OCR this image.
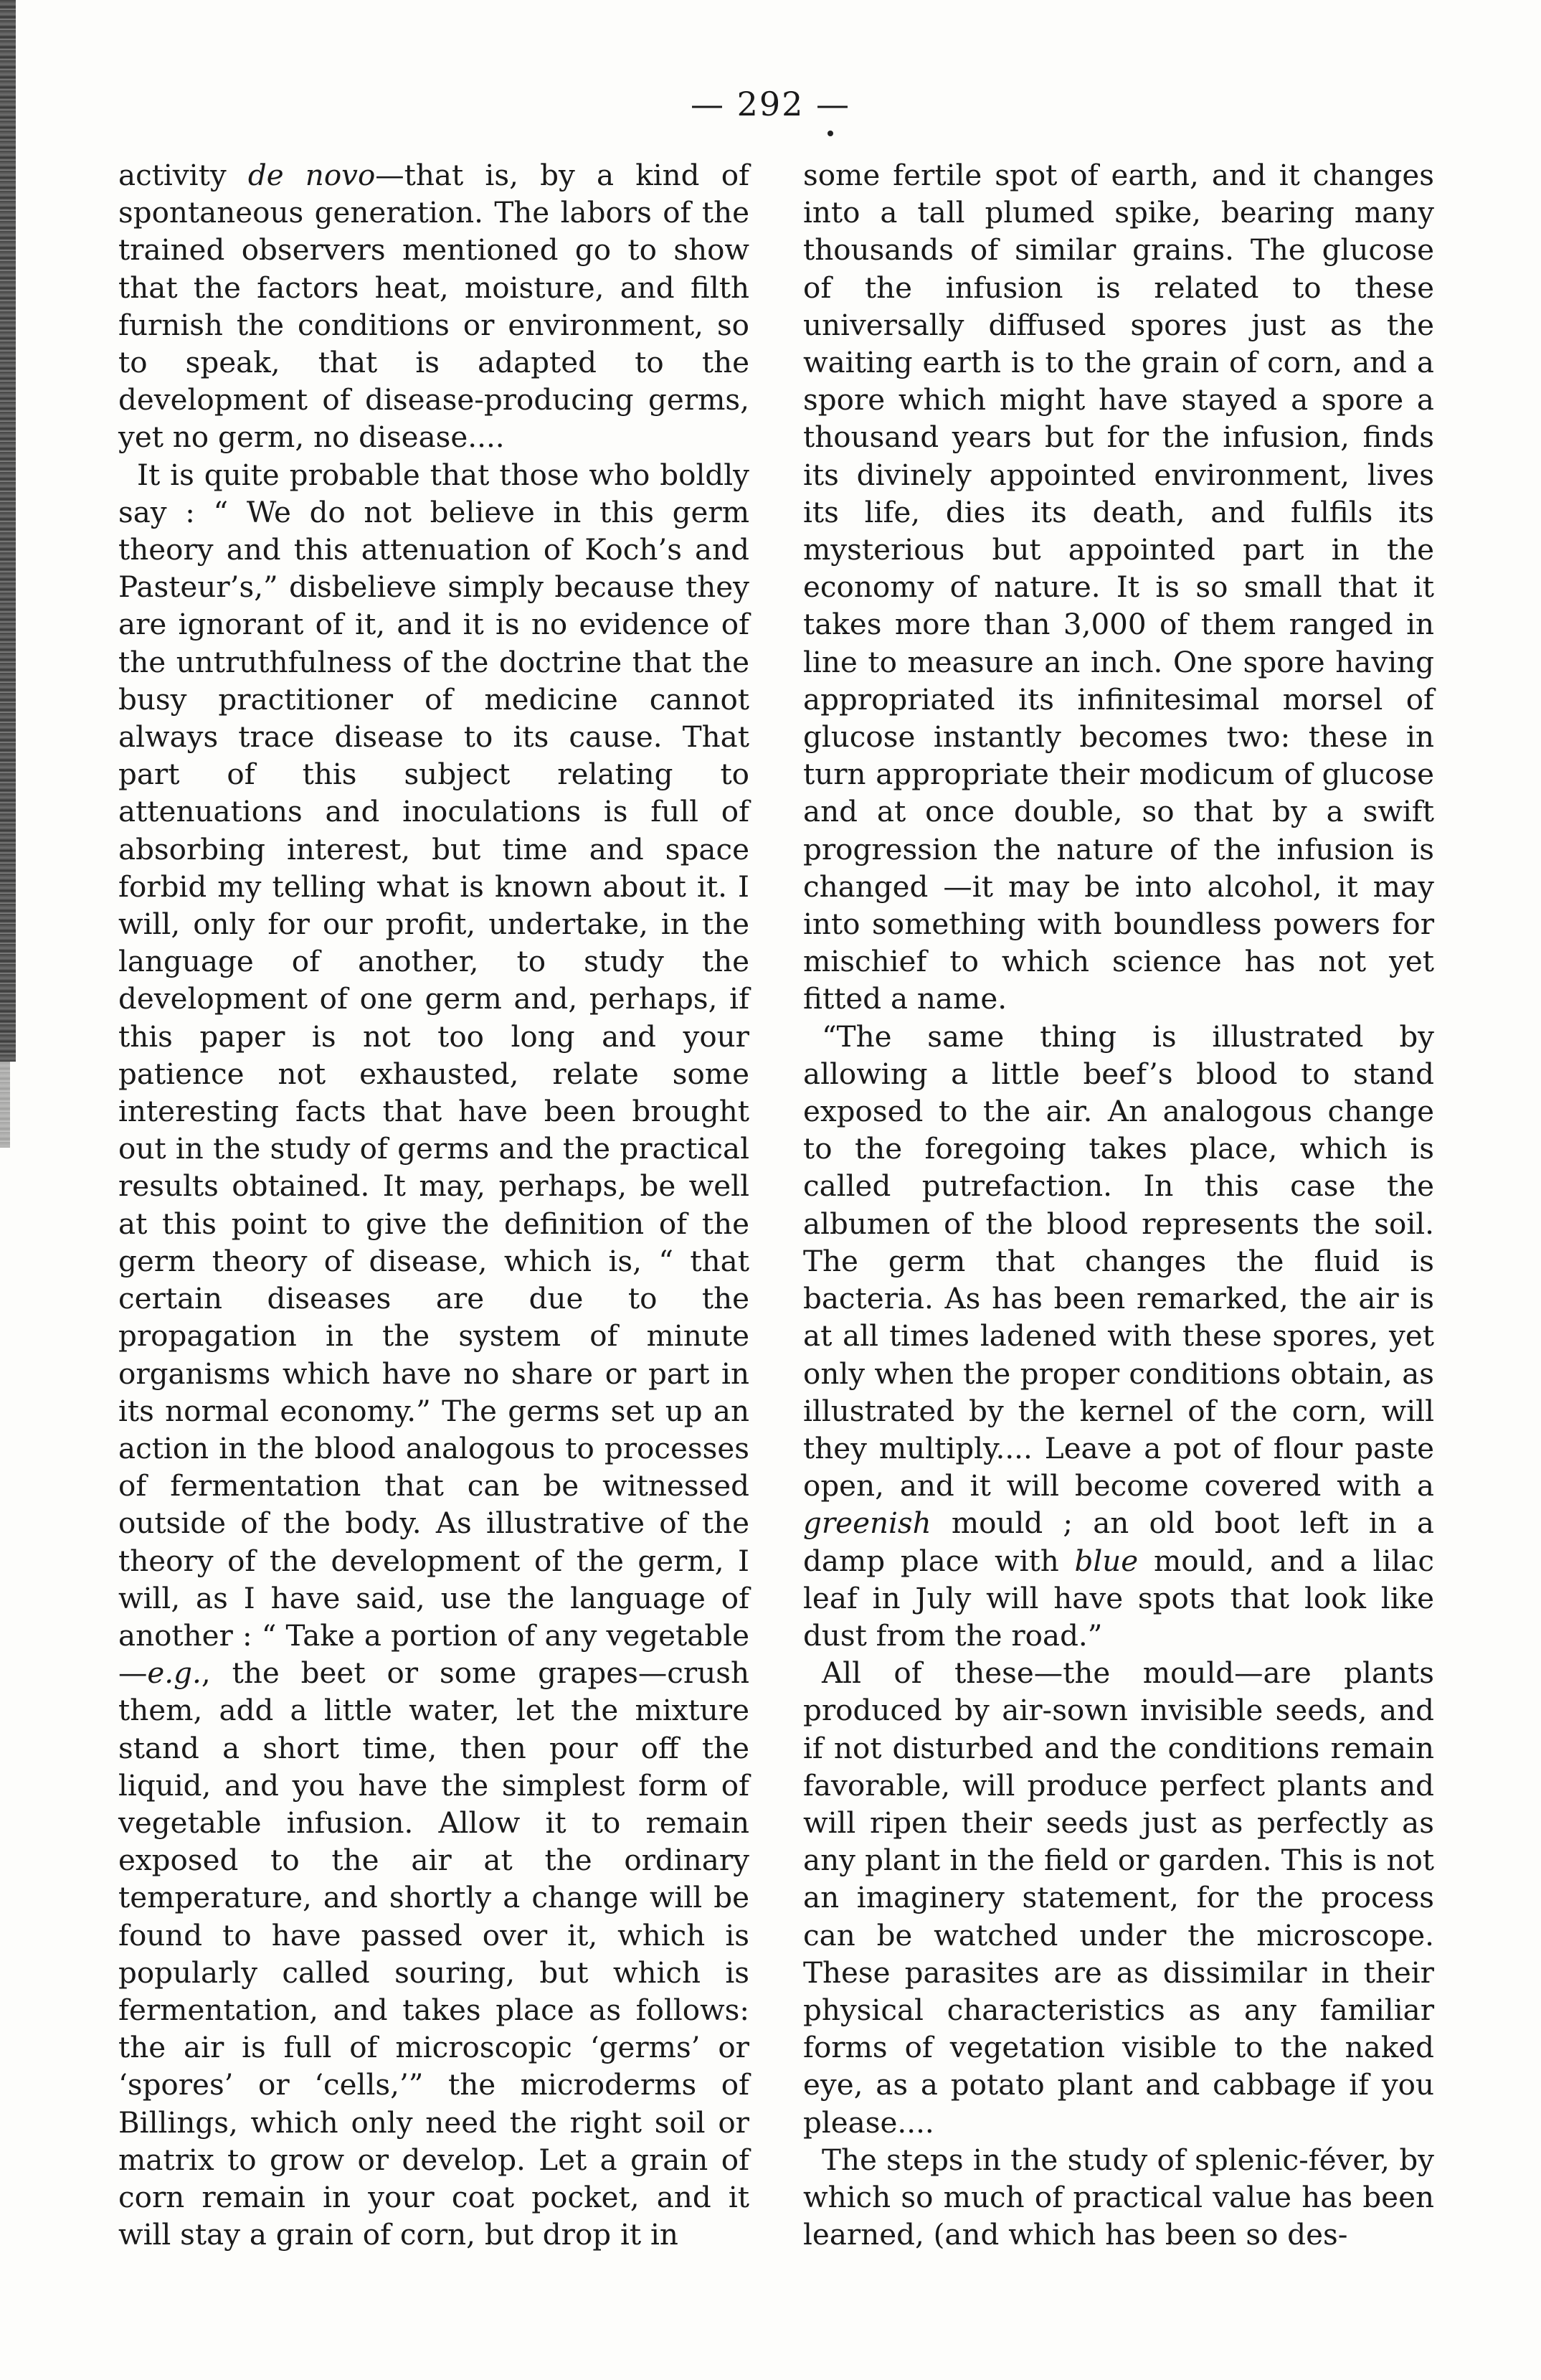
— 292 —

activity de novo—that is, by a kind of spontaneous generation. The labors of the trained observers mentioned go to show that the factors heat, moisture, and filth furnish the conditions or environment, so to speak, that is adapted to the development of disease-producing germs, yet no germ, no disease....

It is quite probable that those who boldly say : “ We do not believe in this germ theory and this attenuation of Koch’s and Pasteur’s,” disbelieve simply because they are ignorant of it, and it is no evidence of the untruthfulness of the doctrine that the busy practitioner of medicine cannot always trace disease to its cause. That part of this subject relating to attenuations and inoculations is full of absorbing interest, but time and space forbid my telling what is known about it. I will, only for our profit, undertake, in the language of another, to study the development of one germ and, perhaps, if this paper is not too long and your patience not exhausted, relate some interesting facts that have been brought out in the study of germs and the practical results obtained. It may, perhaps, be well at this point to give the definition of the germ theory of disease, which is, “ that certain diseases are due to the propagation in the system of minute organisms which have no share or part in its normal economy.” The germs set up an action in the blood analogous to processes of fermentation that can be witnessed outside of the body. As illustrative of the theory of the development of the germ, I will, as I have said, use the language of another : “ Take a portion of any vegetable—e.g., the beet or some grapes—crush them, add a little water, let the mixture stand a short time, then pour off the liquid, and you have the simplest form of vegetable infusion. Allow it to remain exposed to the air at the ordinary temperature, and shortly a change will be found to have passed over it, which is popularly called souring, but which is fermentation, and takes place as follows: the air is full of microscopic ‘germs’ or ‘spores’ or ‘cells,’” the microderms of Billings, which only need the right soil or matrix to grow or develop. Let a grain of corn remain in your coat pocket, and it will stay a grain of corn, but drop it in

some fertile spot of earth, and it changes into a tall plumed spike, bearing many thousands of similar grains. The glucose of the infusion is related to these universally diffused spores just as the waiting earth is to the grain of corn, and a spore which might have stayed a spore a thousand years but for the infusion, finds its divinely appointed environment, lives its life, dies its death, and fulfils its mysterious but appointed part in the economy of nature. It is so small that it takes more than 3,000 of them ranged in line to measure an inch. One spore having appropriated its infinitesimal morsel of glucose instantly becomes two: these in turn appropriate their modicum of glucose and at once double, so that by a swift progression the nature of the infusion is changed —it may be into alcohol, it may into something with boundless powers for mischief to which science has not yet fitted a name.

“The same thing is illustrated by allowing a little beef’s blood to stand exposed to the air. An analogous change to the foregoing takes place, which is called putrefaction. In this case the albumen of the blood represents the soil. The germ that changes the fluid is bacteria. As has been remarked, the air is at all times ladened with these spores, yet only when the proper conditions obtain, as illustrated by the kernel of the corn, will they multiply.... Leave a pot of flour paste open, and it will become covered with a greenish mould ; an old boot left in a damp place with blue mould, and a lilac leaf in July will have spots that look like dust from the road.”

All of these—the mould—are plants produced by air-sown invisible seeds, and if not disturbed and the conditions remain favorable, will produce perfect plants and will ripen their seeds just as perfectly as any plant in the field or garden. This is not an imaginery statement, for the process can be watched under the microscope. These parasites are as dissimilar in their physical characteristics as any familiar forms of vegetation visible to the naked eye, as a potato plant and cabbage if you please....

The steps in the study of splenic-féver, by which so much of practical value has been learned, (and which has been so des-
